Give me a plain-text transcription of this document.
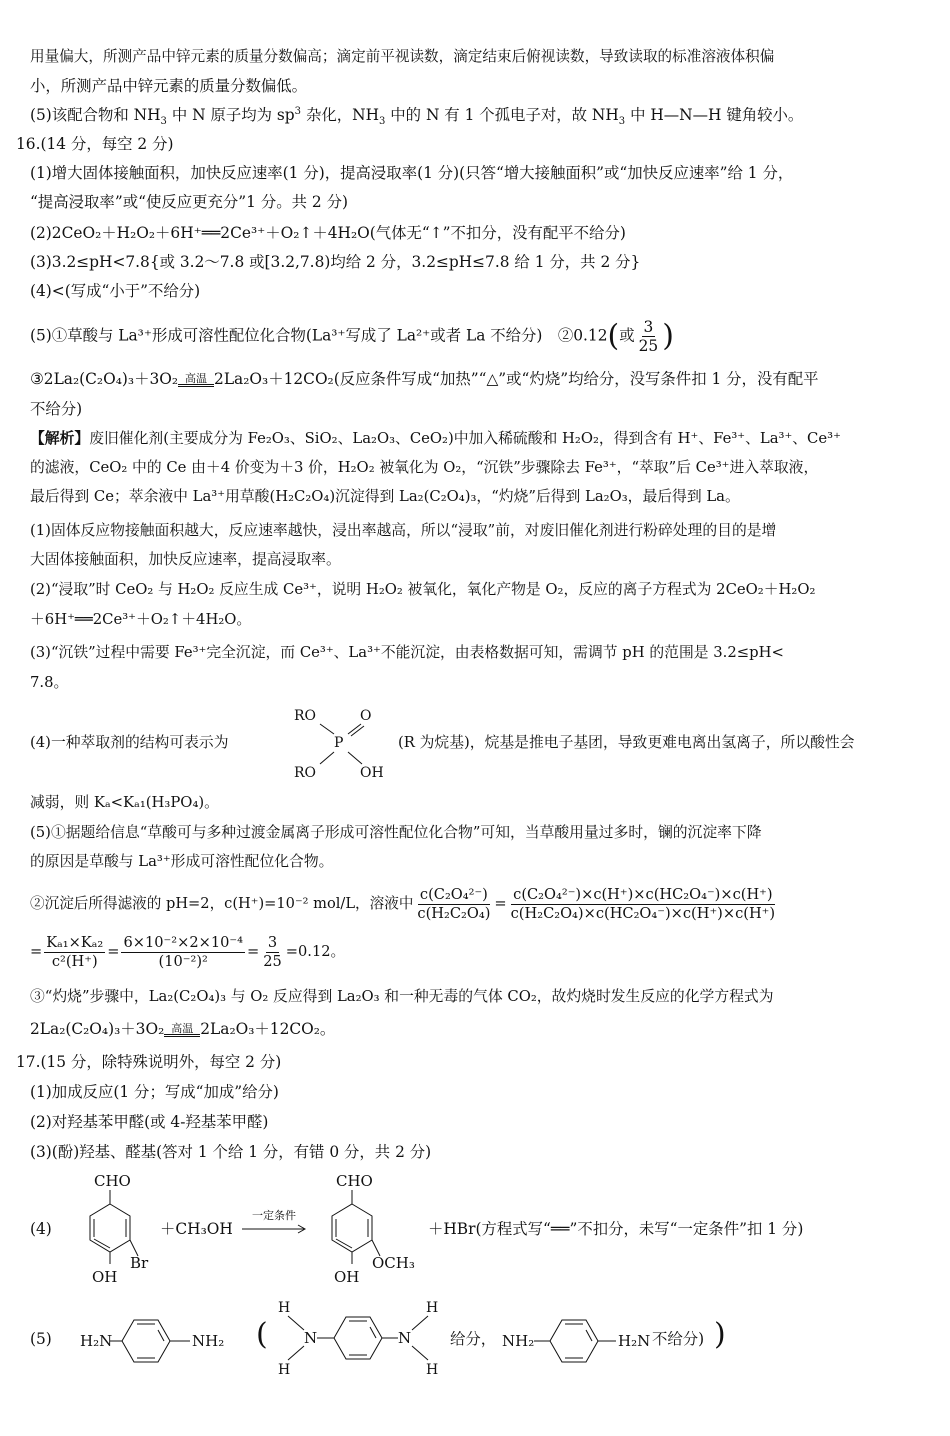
用量偏大，所测产品中锌元素的质量分数偏高；滴定前平视读数，滴定结束后俯视读数，导致读取的标准溶液体积偏
小，所测产品中锌元素的质量分数偏低。
(5)该配合物和 $NH_3$ 中 N 原子均为 $sp^3$ 杂化，$NH_3$ 中的 N 有 1 个孤电子对，故 $NH_3$ 中 H—N—H 键角较小。
16.(14 分，每空 2 分)
(1)增大固体接触面积，加快反应速率(1 分)，提高浸取率(1 分)(只答“增大接触面积”或“加快反应速率”给 1 分，
“提高浸取率”或“使反应更充分”1 分。共 2 分)
(2)2CeO₂＋H₂O₂＋6H⁺══2Ce³⁺＋O₂↑＋4H₂O(气体无“↑”不扣分，没有配平不给分)
(3)3.2≤pH<7.8{或 3.2～7.8 或[3.2,7.8)均给 2 分，3.2≤pH≤7.8 给 1 分，共 2 分}
(4)<(写成“小于”不给分)
(5)①草酸与 La³⁺形成可溶性配位化合物(La³⁺写成了 La²⁺或者 La 不给分)　②0.12(或 $\frac{3}{25}$ )
③2La₂(C₂O₄)₃＋3O₂ 高温 2La₂O₃＋12CO₂(反应条件写成“加热”“△”或“灼烧”均给分，没写条件扣 1 分，没有配平
不给分)
【解析】废旧催化剂(主要成分为 Fe₂O₃、SiO₂、La₂O₃、CeO₂)中加入稀硫酸和 H₂O₂，得到含有 H⁺、Fe³⁺、La³⁺、Ce³⁺
的滤液，CeO₂ 中的 Ce 由＋4 价变为＋3 价，H₂O₂ 被氧化为 O₂，“沉铁”步骤除去 Fe³⁺，“萃取”后 Ce³⁺进入萃取液，
最后得到 Ce；萃余液中 La³⁺用草酸(H₂C₂O₄)沉淀得到 La₂(C₂O₄)₃，“灼烧”后得到 La₂O₃，最后得到 La。
(1)固体反应物接触面积越大，反应速率越快，浸出率越高，所以“浸取”前，对废旧催化剂进行粉碎处理的目的是增
大固体接触面积，加快反应速率，提高浸取率。
(2)“浸取”时 CeO₂ 与 H₂O₂ 反应生成 Ce³⁺，说明 H₂O₂ 被氧化，氧化产物是 O₂，反应的离子方程式为 2CeO₂＋H₂O₂
＋6H⁺══2Ce³⁺＋O₂↑＋4H₂O。
(3)“沉铁”过程中需要 Fe³⁺完全沉淀，而 Ce³⁺、La³⁺不能沉淀，由表格数据可知，需调节 pH 的范围是 3.2≤pH<
7.8。
(4)一种萃取剂的结构可表示为
RO	O
P
RO	OH
(R 为烷基)，烷基是推电子基团，导致更难电离出氢离子，所以酸性会
减弱，则 Kₐ<Kₐ₁(H₃PO₄)。
(5)①据题给信息“草酸可与多种过渡金属离子形成可溶性配位化合物”可知，当草酸用量过多时，镧的沉淀率下降
的原因是草酸与 La³⁺形成可溶性配位化合物。
②沉淀后所得滤液的 pH=2，c(H⁺)=10⁻² mol/L，溶液中 $\frac{\text{c(C₂O₄²⁻)}}{\text{c(H₂C₂O₄)}} = \frac{\text{c(C₂O₄²⁻)×c(H⁺)×c(HC₂O₄⁻)×c(H⁺)}}{\text{c(H₂C₂O₄)×c(HC₂O₄⁻)×c(H⁺)×c(H⁺)}}$
= $\frac{\text{Kₐ₁×Kₐ₂}}{\text{c²(H⁺)}} = \frac{\text{6×10⁻²×2×10⁻⁴}}{\text{(10⁻²)²}} = \frac{3}{25} =0.12$。
③“灼烧”步骤中，La₂(C₂O₄)₃ 与 O₂ 反应得到 La₂O₃ 和一种无毒的气体 CO₂，故灼烧时发生反应的化学方程式为
2La₂(C₂O₄)₃＋3O₂ 高温 2La₂O₃＋12CO₂。
17.(15 分，除特殊说明外，每空 2 分)
(1)加成反应(1 分；写成“加成”给分)
(2)对羟基苯甲醛(或 4-羟基苯甲醛)
(3)(酚)羟基、醛基(答对 1 个给 1 分，有错 0 分，共 2 分)
(4)
CHO
OH
Br
＋CH₃OH
一定条件
CHO
OH
OCH₃
＋HBr(方程式写“══”不扣分，未写“一定条件”扣 1 分)
(5) H₂N	NH₂ (
H
H
N	N
H
H
给分， NH₂	H₂N 不给分) )
